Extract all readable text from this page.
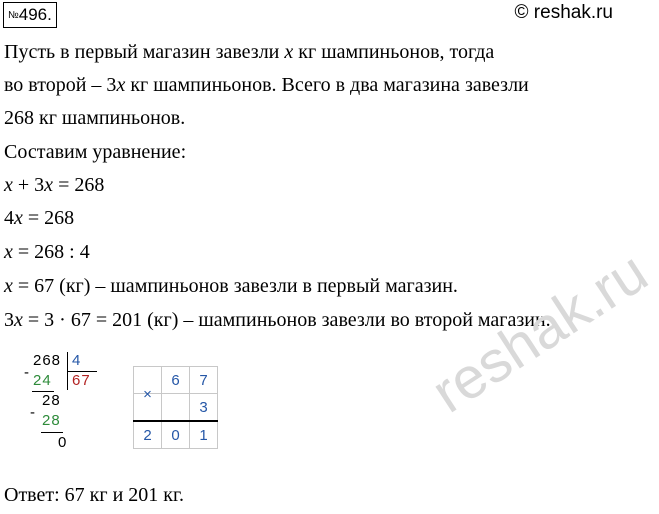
№496.	© reshak.ru
Пусть в первый магазин завезли x кг шампиньонов, тогда
во второй – 3x кг шампиньонов. Всего в два магазина завезли
268 кг шампиньонов.
Составим уравнение:
x + 3x = 268
4x = 268
x = 268 : 4
x = 67 (кг) – шампиньонов завезли в первый магазин.
3x = 3 · 67 = 201 (кг) – шампиньонов завезли во второй магазин.
268 4
67
- 24
28
- 28
0
	6	7
×		3
2	0	1
reshak.ru
Ответ: 67 кг и 201 кг.
